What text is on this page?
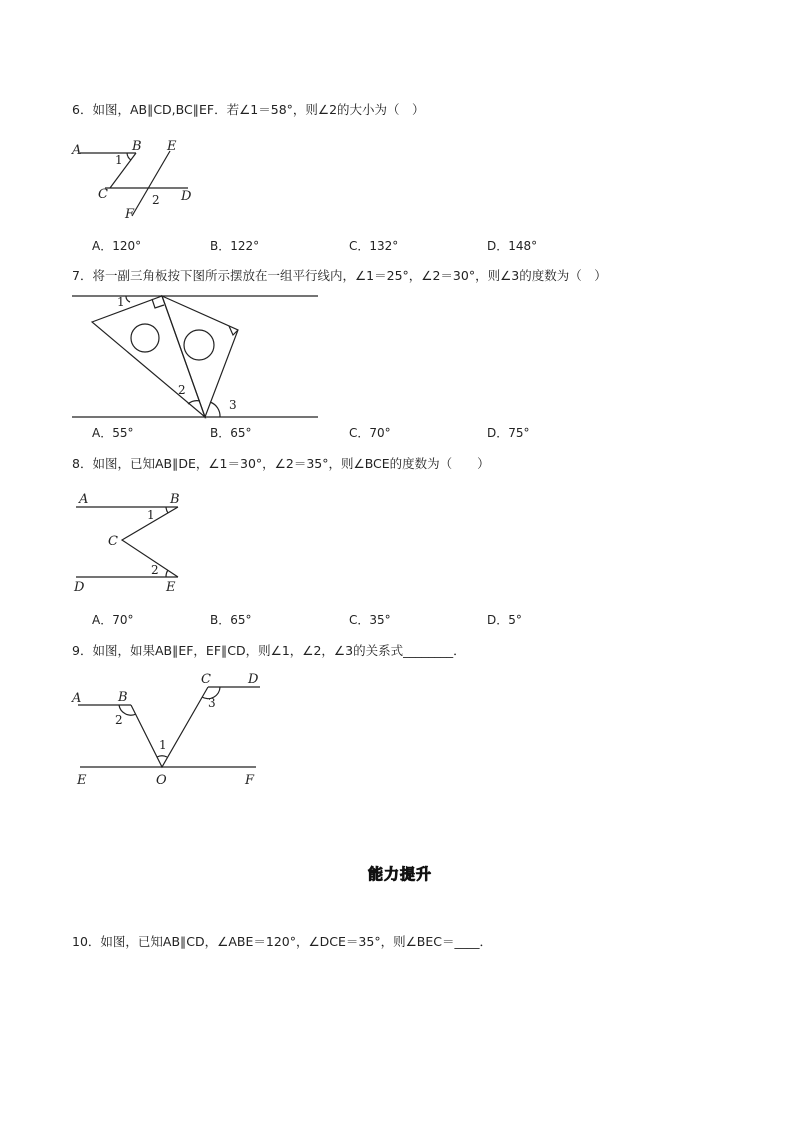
6．如图，AB∥CD,BC∥EF．若∠1＝58°，则∠2的大小为（　）
A	B
C	D
E
F
1
2
A．120°	B．122°	C．132°	D．148°
7．将一副三角板按下图所示摆放在一组平行线内，∠1＝25°，∠2＝30°，则∠3的度数为（　）
1
2
3
A．55°	B．65°	C．70°	D．75°
8．如图，已知AB∥DE，∠1＝30°，∠2＝35°，则∠BCE的度数为（　　）
A	B
C
D	E
1
2
A．70°	B．65°	C．35°	D．5°
9．如图，如果AB∥EF，EF∥CD，则∠1，∠2，∠3的关系式________．
A	B
C	D
E	O	F
1
2
3
能力提升
10．如图，已知AB∥CD，∠ABE＝120°，∠DCE＝35°，则∠BEC＝____．
